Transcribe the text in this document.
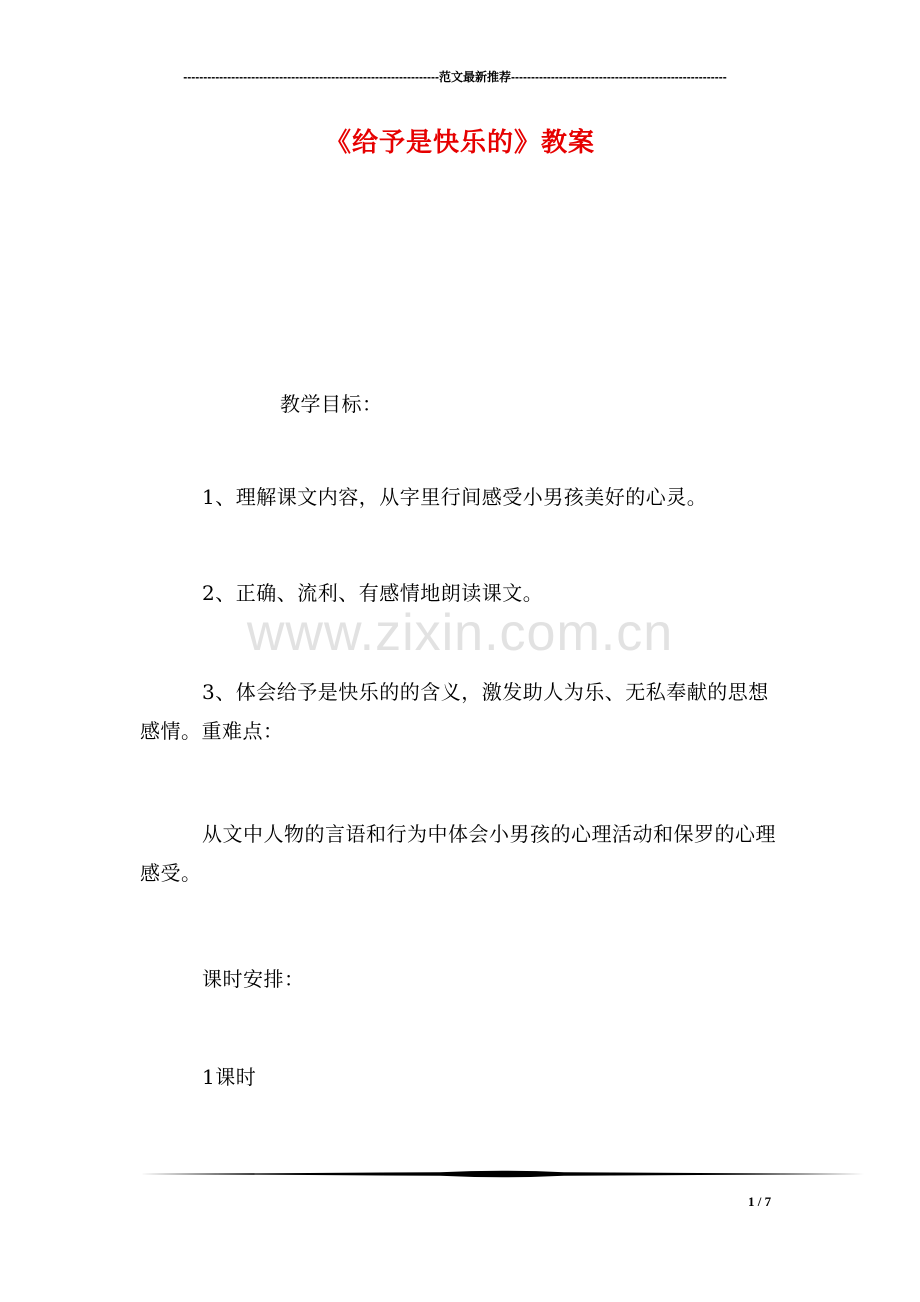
----------------------------------------------------------------范文最新推荐------------------------------------------------------
《给予是快乐的》教案
教学目标：
1、理解课文内容，从字里行间感受小男孩美好的心灵。
2、正确、流利、有感情地朗读课文。
3、体会给予是快乐的的含义，激发助人为乐、无私奉献的思想感情。重难点：
从文中人物的言语和行为中体会小男孩的心理活动和保罗的心理感受。
课时安排：
1课时
www.zixin.com.cn
1 / 7
